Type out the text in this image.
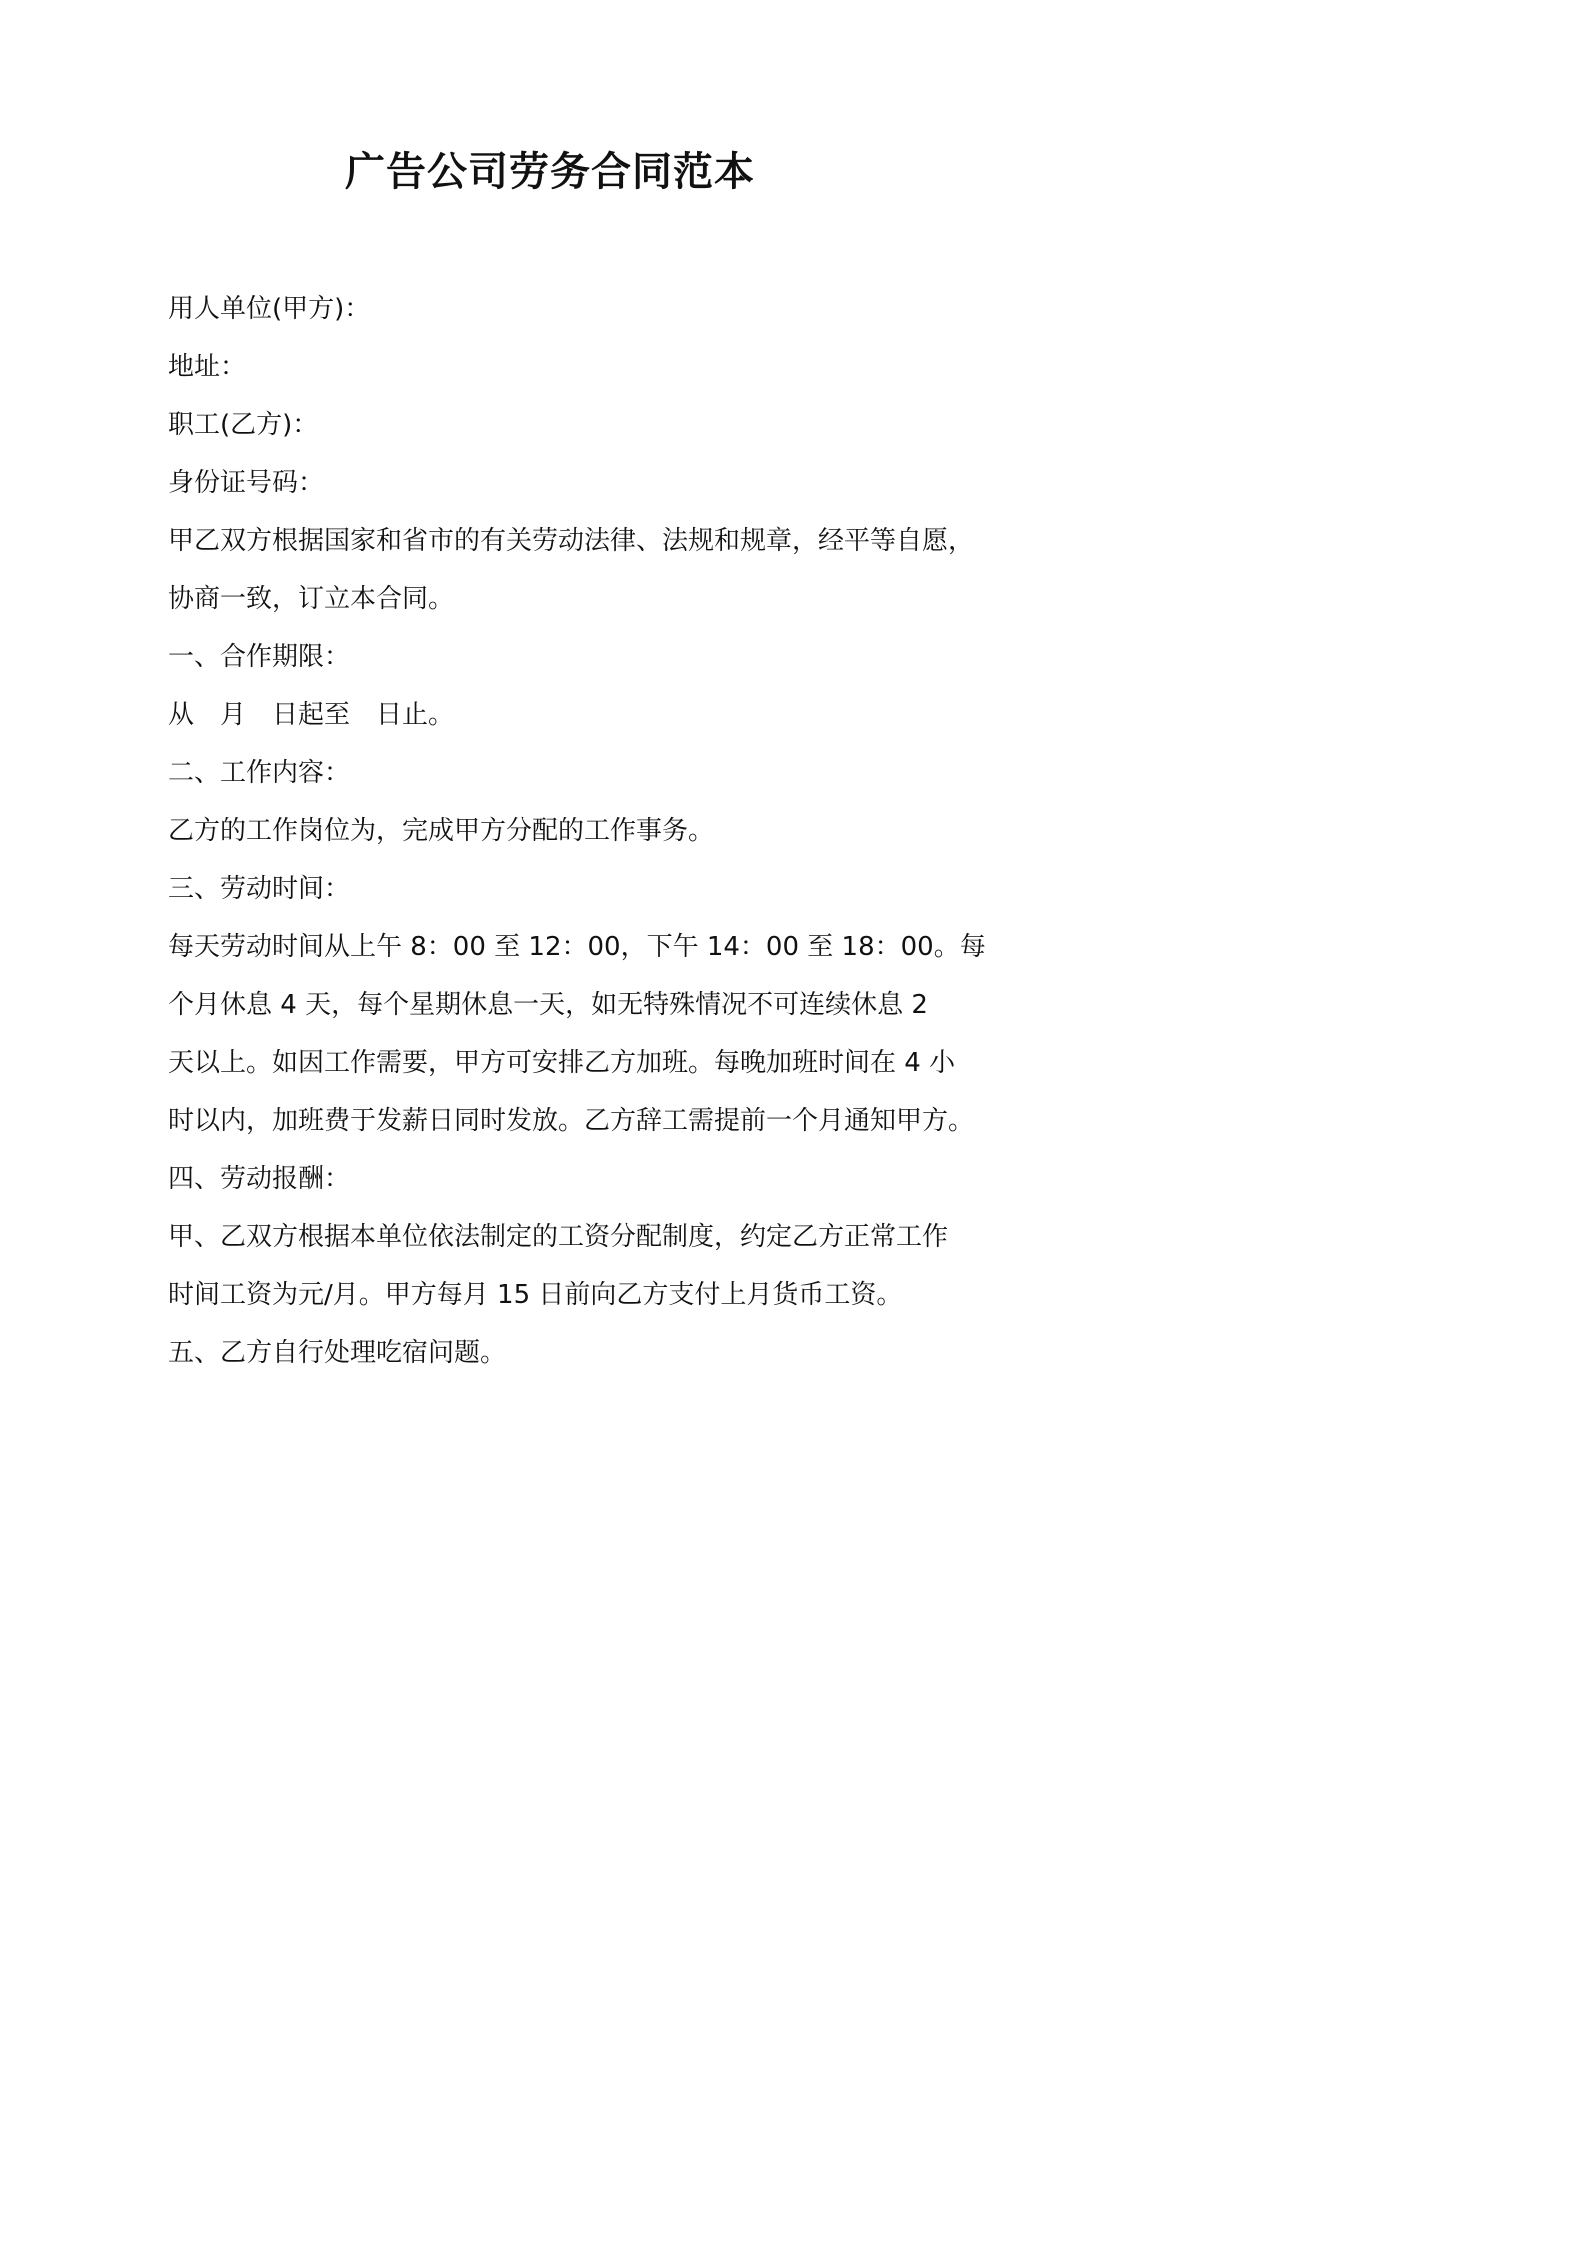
广告公司劳务合同范本

用人单位(甲方)：

地址：

职工(乙方)：

身份证号码：

甲乙双方根据国家和省市的有关劳动法律、法规和规章，经平等自愿，

协商一致，订立本合同。

一、合作期限：

从　月　日起至　日止。

二、工作内容：

乙方的工作岗位为，完成甲方分配的工作事务。

三、劳动时间：

每天劳动时间从上午 8：00 至 12：00，下午 14：00 至 18：00。每

个月休息 4 天，每个星期休息一天，如无特殊情况不可连续休息 2

天以上。如因工作需要，甲方可安排乙方加班。每晚加班时间在 4 小

时以内，加班费于发薪日同时发放。乙方辞工需提前一个月通知甲方。

四、劳动报酬：

甲、乙双方根据本单位依法制定的工资分配制度，约定乙方正常工作

时间工资为元/月。甲方每月 15 日前向乙方支付上月货币工资。

五、乙方自行处理吃宿问题。
